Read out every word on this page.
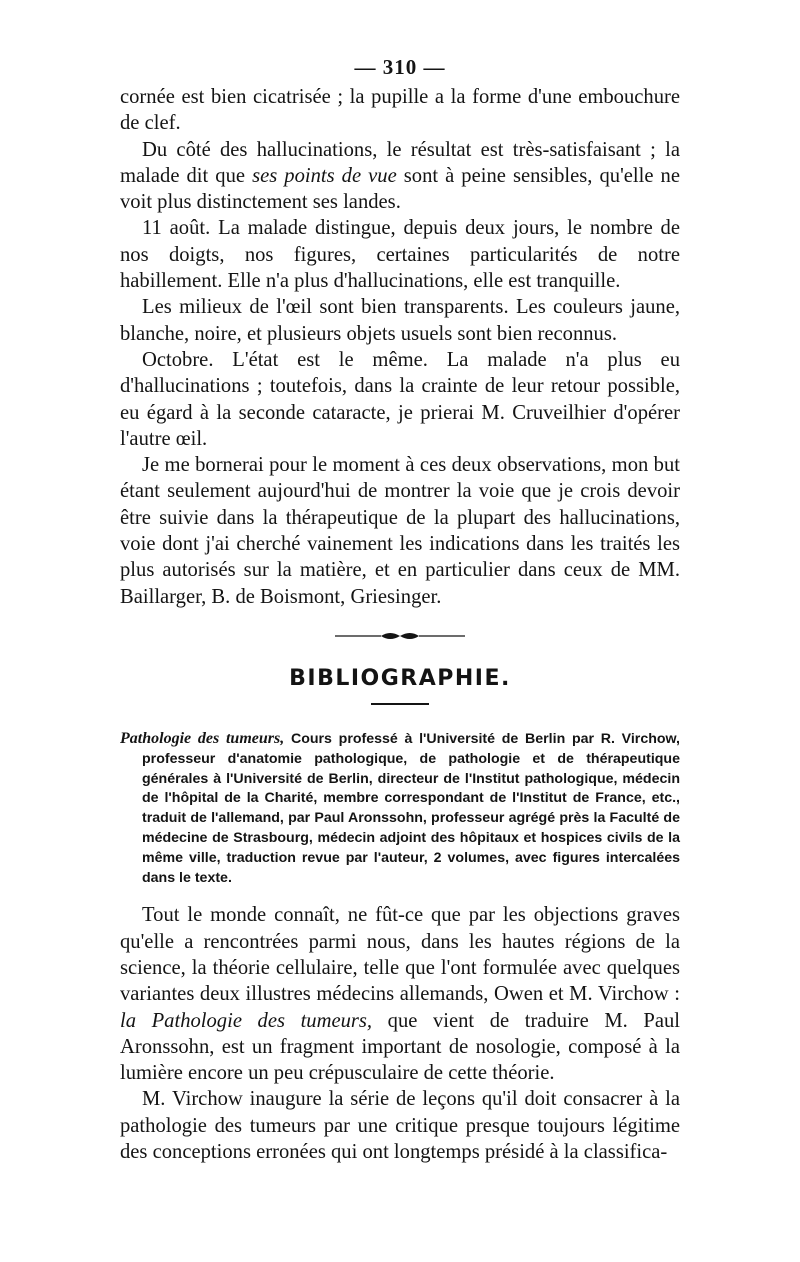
— 310 —

cornée est bien cicatrisée ; la pupille a la forme d'une embouchure de clef.

Du côté des hallucinations, le résultat est très-satisfaisant ; la malade dit que ses points de vue sont à peine sensibles, qu'elle ne voit plus distinctement ses landes.

11 août. La malade distingue, depuis deux jours, le nombre de nos doigts, nos figures, certaines particularités de notre habillement. Elle n'a plus d'hallucinations, elle est tranquille.

Les milieux de l'œil sont bien transparents. Les couleurs jaune, blanche, noire, et plusieurs objets usuels sont bien reconnus.

Octobre. L'état est le même. La malade n'a plus eu d'hallucinations ; toutefois, dans la crainte de leur retour possible, eu égard à la seconde cataracte, je prierai M. Cruveilhier d'opérer l'autre œil.

Je me bornerai pour le moment à ces deux observations, mon but étant seulement aujourd'hui de montrer la voie que je crois devoir être suivie dans la thérapeutique de la plupart des hallucinations, voie dont j'ai cherché vainement les indications dans les traités les plus autorisés sur la matière, et en particulier dans ceux de MM. Baillarger, B. de Boismont, Griesinger.

BIBLIOGRAPHIE.
Pathologie des tumeurs, Cours professé à l'Université de Berlin par R. Virchow, professeur d'anatomie pathologique, de pathologie et de thérapeutique générales à l'Université de Berlin, directeur de l'Institut pathologique, médecin de l'hôpital de la Charité, membre correspondant de l'Institut de France, etc., traduit de l'allemand, par Paul Aronssohn, professeur agrégé près la Faculté de médecine de Strasbourg, médecin adjoint des hôpitaux et hospices civils de la même ville, traduction revue par l'auteur, 2 volumes, avec figures intercalées dans le texte.

Tout le monde connaît, ne fût-ce que par les objections graves qu'elle a rencontrées parmi nous, dans les hautes régions de la science, la théorie cellulaire, telle que l'ont formulée avec quelques variantes deux illustres médecins allemands, Owen et M. Virchow : la Pathologie des tumeurs, que vient de traduire M. Paul Aronssohn, est un fragment important de nosologie, composé à la lumière encore un peu crépusculaire de cette théorie.

M. Virchow inaugure la série de leçons qu'il doit consacrer à la pathologie des tumeurs par une critique presque toujours légitime des conceptions erronées qui ont longtemps présidé à la classifica-
